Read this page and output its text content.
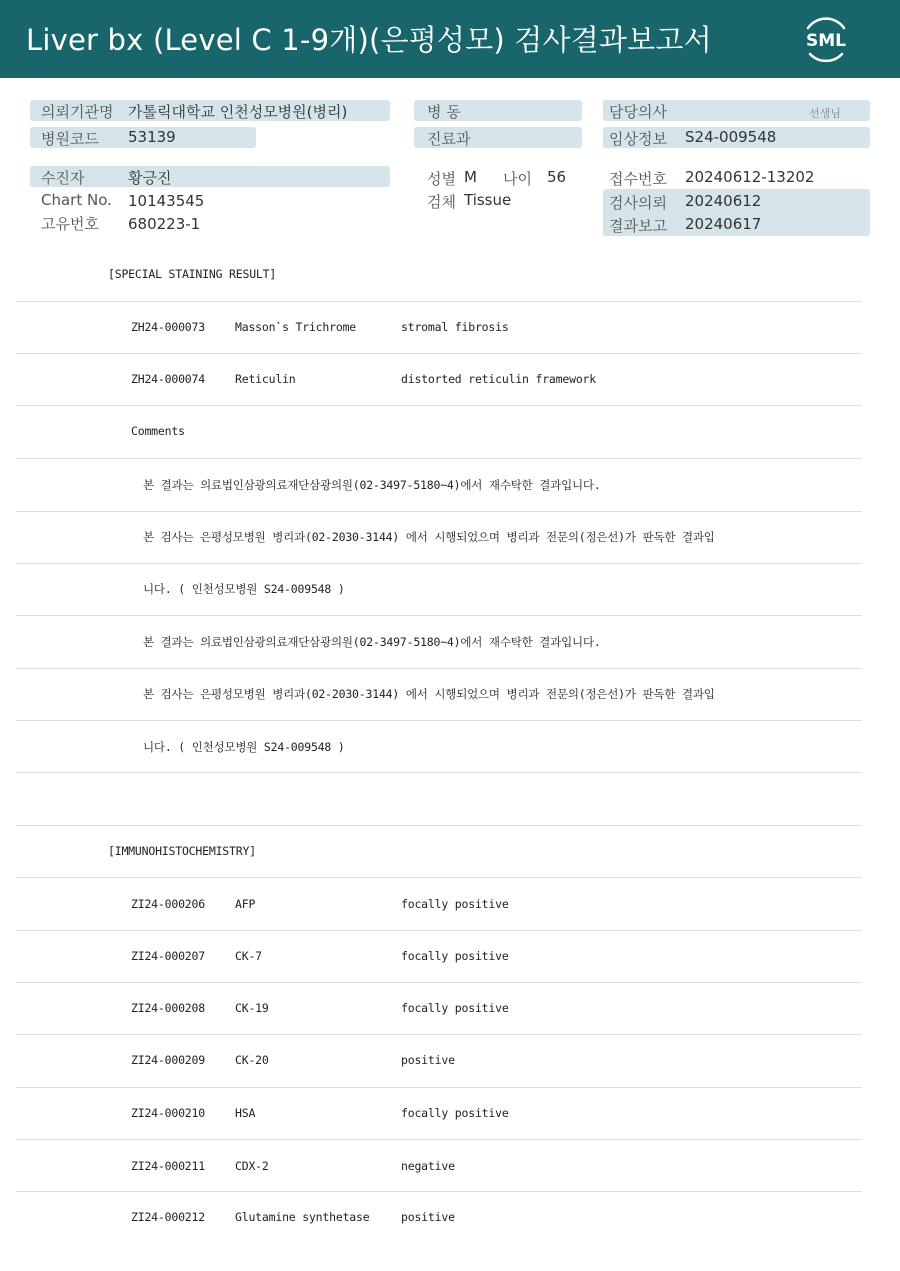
Liver bx (Level C 1-9개)(은평성모) 검사결과보고서	SML
의뢰기관명 가톨릭대학교 인천성모병원(병리)
병원코드 53139
수진자	황긍진
Chart No. 10143545
고유번호 680223-1
병 동
진료과
성별 M 나이 56
검체 Tissue
담당의사	선생님
임상정보 S24-009548
접수번호 20240612-13202
검사의뢰 20240612
결과보고 20240617
[SPECIAL STAINING RESULT]
ZH24-000073	Masson`s Trichrome	stromal fibrosis
ZH24-000074	Reticulin	distorted reticulin framework
Comments
본 결과는 의료법인삼광의료재단삼광의원(02-3497-5180~4)에서 재수탁한 결과입니다.
본 검사는 은평성모병원 병리과(02-2030-3144) 에서 시행되었으며 병리과 전문의(정은선)가 판독한 결과입
니다. ( 인천성모병원 S24-009548 )
본 결과는 의료법인삼광의료재단삼광의원(02-3497-5180~4)에서 재수탁한 결과입니다.
본 검사는 은평성모병원 병리과(02-2030-3144) 에서 시행되었으며 병리과 전문의(정은선)가 판독한 결과입
니다. ( 인천성모병원 S24-009548 )
[IMMUNOHISTOCHEMISTRY]
ZI24-000206	AFP	focally positive
ZI24-000207	CK-7	focally positive
ZI24-000208	CK-19	focally positive
ZI24-000209	CK-20	positive
ZI24-000210	HSA	focally positive
ZI24-000211	CDX-2	negative
ZI24-000212	Glutamine synthetase	positive
